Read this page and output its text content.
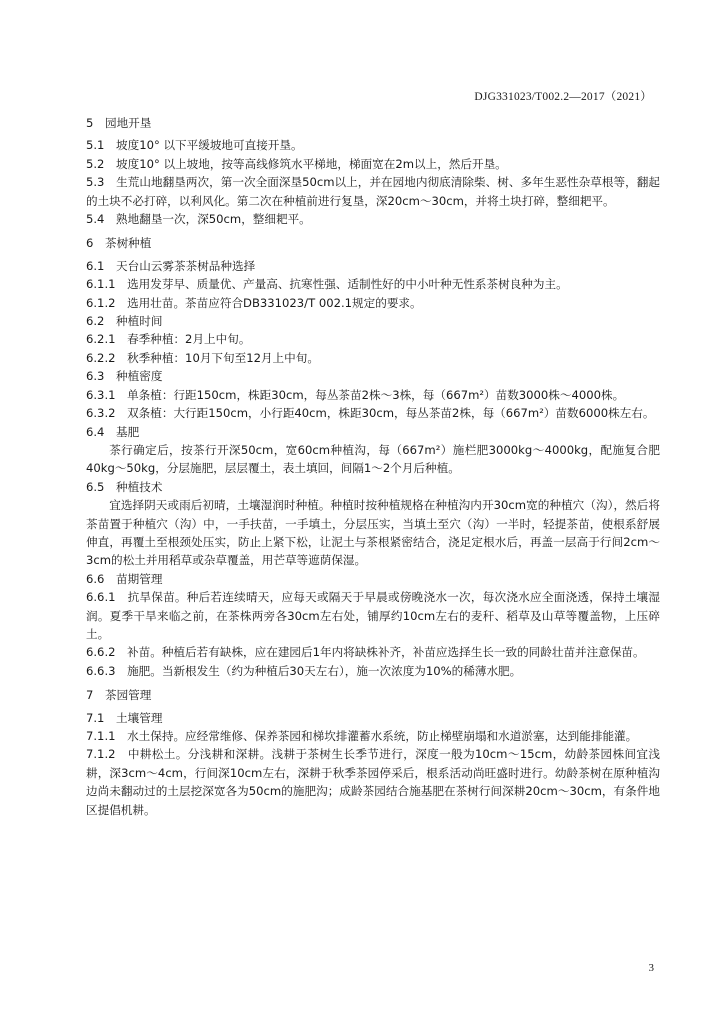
DJG331023/T002.2—2017（2021）
5　园地开垦
5.1　坡度10° 以下平缓坡地可直接开垦。
5.2　坡度10° 以上坡地，按等高线修筑水平梯地，梯面宽在2m以上，然后开垦。
5.3　生荒山地翻垦两次，第一次全面深垦50cm以上，并在园地内彻底清除柴、树、多年生恶性杂草根等，翻起的土块不必打碎，以利风化。第二次在种植前进行复垦，深20cm～30cm，并将土块打碎，整细耙平。
5.4　熟地翻垦一次，深50cm，整细耙平。
6　茶树种植
6.1　天台山云雾茶茶树品种选择
6.1.1　选用发芽早、质量优、产量高、抗寒性强、适制性好的中小叶种无性系茶树良种为主。
6.1.2　选用壮苗。茶苗应符合DB331023/T 002.1规定的要求。
6.2　种植时间
6.2.1　春季种植：2月上中旬。
6.2.2　秋季种植：10月下旬至12月上中旬。
6.3　种植密度
6.3.1　单条植：行距150cm，株距30cm，每丛茶苗2株～3株，每（667m²）苗数3000株～4000株。
6.3.2　双条植：大行距150cm，小行距40cm，株距30cm，每丛茶苗2株，每（667m²）苗数6000株左右。
6.4　基肥
茶行确定后，按茶行开深50cm，宽60cm种植沟，每（667m²）施栏肥3000kg～4000kg，配施复合肥40kg～50kg，分层施肥，层层覆土，表土填回，间隔1～2个月后种植。
6.5　种植技术
宜选择阴天或雨后初晴，土壤湿润时种植。种植时按种植规格在种植沟内开30cm宽的种植穴（沟），然后将茶苗置于种植穴（沟）中，一手扶苗，一手填土，分层压实，当填土至穴（沟）一半时，轻提茶苗，使根系舒展伸直，再覆土至根颈处压实，防止上紧下松，让泥土与茶根紧密结合，浇足定根水后，再盖一层高于行间2cm～3cm的松土并用稻草或杂草覆盖，用芒草等遮荫保湿。
6.6　苗期管理
6.6.1　抗旱保苗。种后若连续晴天，应每天或隔天于早晨或傍晚浇水一次，每次浇水应全面浇透，保持土壤湿润。夏季干旱来临之前，在茶株两旁各30cm左右处，铺厚约10cm左右的麦秆、稻草及山草等覆盖物，上压碎土。
6.6.2　补苗。种植后若有缺株，应在建园后1年内将缺株补齐，补苗应选择生长一致的同龄壮苗并注意保苗。
6.6.3　施肥。当新根发生（约为种植后30天左右），施一次浓度为10%的稀薄水肥。
7　茶园管理
7.1　土壤管理
7.1.1　水土保持。应经常维修、保养茶园和梯坎排灌蓄水系统，防止梯壁崩塌和水道淤塞，达到能排能灌。
7.1.2　中耕松土。分浅耕和深耕。浅耕于茶树生长季节进行，深度一般为10cm～15cm，幼龄茶园株间宜浅耕，深3cm～4cm，行间深10cm左右，深耕于秋季茶园停采后，根系活动尚旺盛时进行。幼龄茶树在原种植沟边尚未翻动过的土层挖深宽各为50cm的施肥沟；成龄茶园结合施基肥在茶树行间深耕20cm～30cm，有条件地区提倡机耕。
3
